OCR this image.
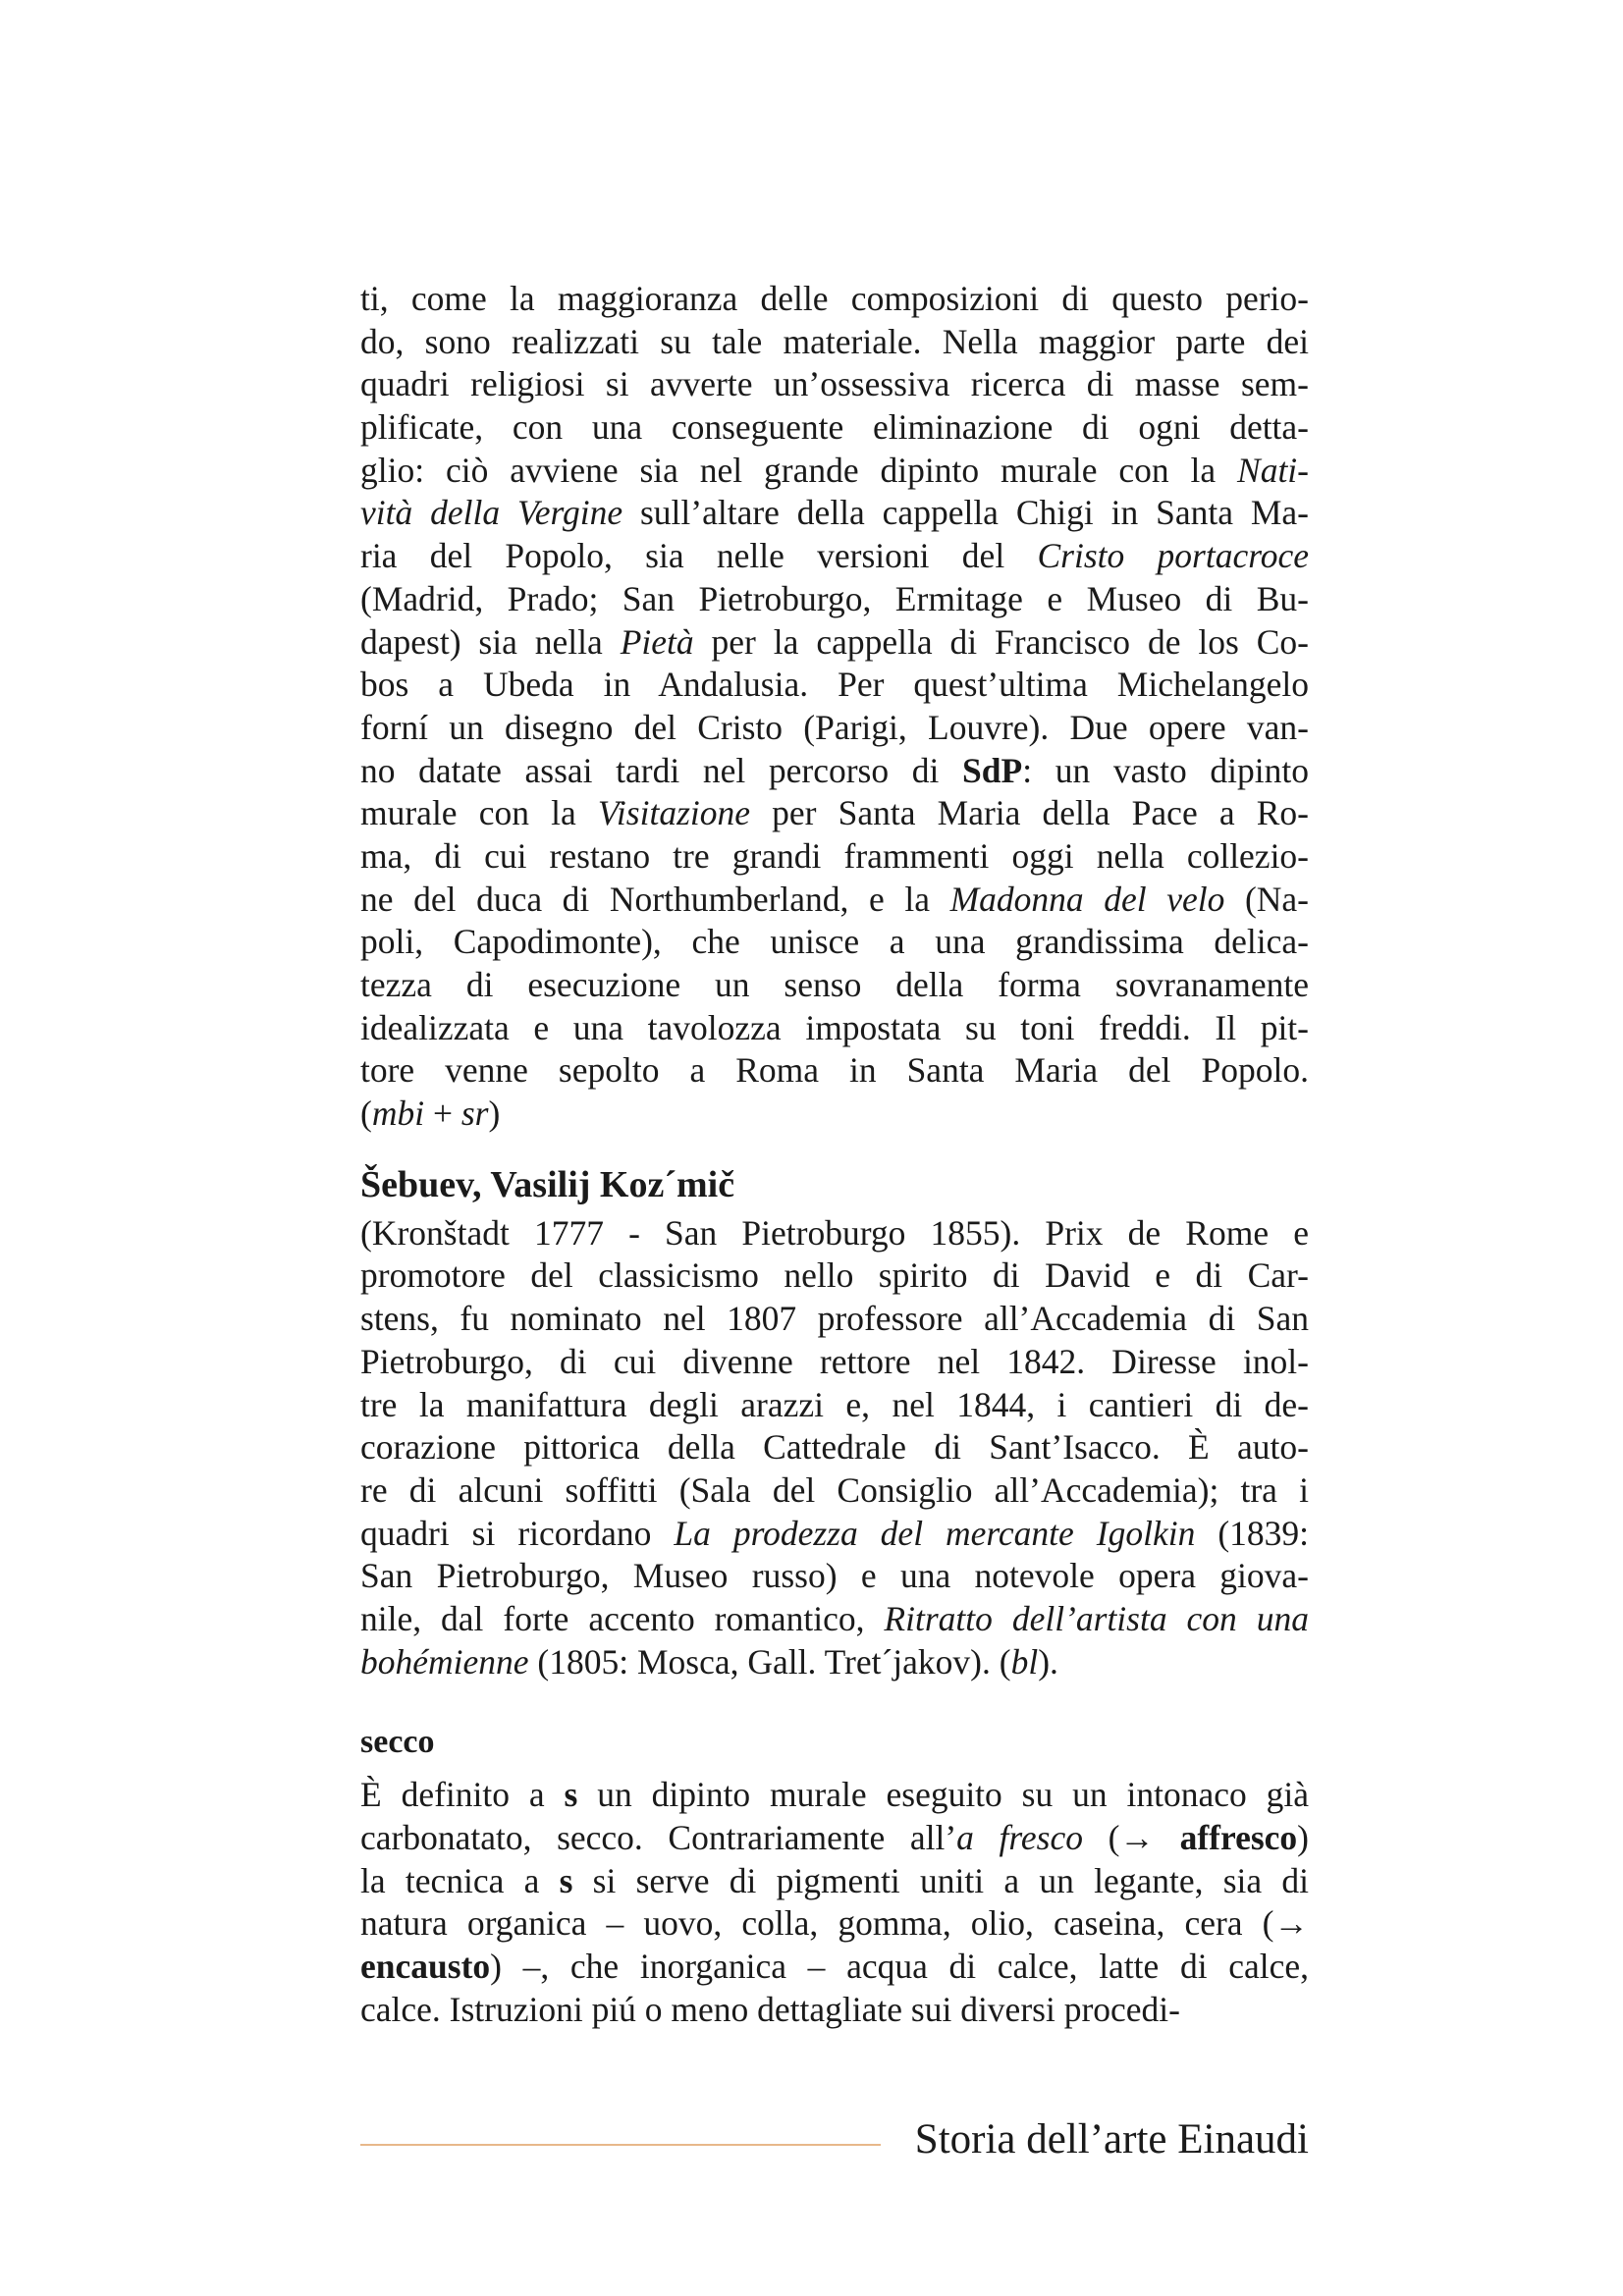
ti, come la maggioranza delle composizioni di questo perio-
do, sono realizzati su tale materiale. Nella maggior parte dei
quadri religiosi si avverte un’ossessiva ricerca di masse sem-
plificate, con una conseguente eliminazione di ogni detta-
glio: ciò avviene sia nel grande dipinto murale con la Nati-
vità della Vergine sull’altare della cappella Chigi in Santa Ma-
ria del Popolo, sia nelle versioni del Cristo portacroce
(Madrid, Prado; San Pietroburgo, Ermitage e Museo di Bu-
dapest) sia nella Pietà per la cappella di Francisco de los Co-
bos a Ubeda in Andalusia. Per quest’ultima Michelangelo
forní un disegno del Cristo (Parigi, Louvre). Due opere van-
no datate assai tardi nel percorso di SdP: un vasto dipinto
murale con la Visitazione per Santa Maria della Pace a Ro-
ma, di cui restano tre grandi frammenti oggi nella collezio-
ne del duca di Northumberland, e la Madonna del velo (Na-
poli, Capodimonte), che unisce a una grandissima delica-
tezza di esecuzione un senso della forma sovranamente
idealizzata e una tavolozza impostata su toni freddi. Il pit-
tore venne sepolto a Roma in Santa Maria del Popolo.
(mbi + sr)
Šebuev, Vasilij Koz´mič
(Kronštadt 1777 - San Pietroburgo 1855). Prix de Rome e
promotore del classicismo nello spirito di David e di Car-
stens, fu nominato nel 1807 professore all’Accademia di San
Pietroburgo, di cui divenne rettore nel 1842. Diresse inol-
tre la manifattura degli arazzi e, nel 1844, i cantieri di de-
corazione pittorica della Cattedrale di Sant’Isacco. È auto-
re di alcuni soffitti (Sala del Consiglio all’Accademia); tra i
quadri si ricordano La prodezza del mercante Igolkin (1839:
San Pietroburgo, Museo russo) e una notevole opera giova-
nile, dal forte accento romantico, Ritratto dell’artista con una
bohémienne (1805: Mosca, Gall. Tret´jakov). (bl).
secco
È definito a s un dipinto murale eseguito su un intonaco già
carbonatato, secco. Contrariamente all’a fresco (→ affresco)
la tecnica a s si serve di pigmenti uniti a un legante, sia di
natura organica – uovo, colla, gomma, olio, caseina, cera (→
encausto) –, che inorganica – acqua di calce, latte di calce,
calce. Istruzioni piú o meno dettagliate sui diversi procedi-
Storia dell’arte Einaudi
